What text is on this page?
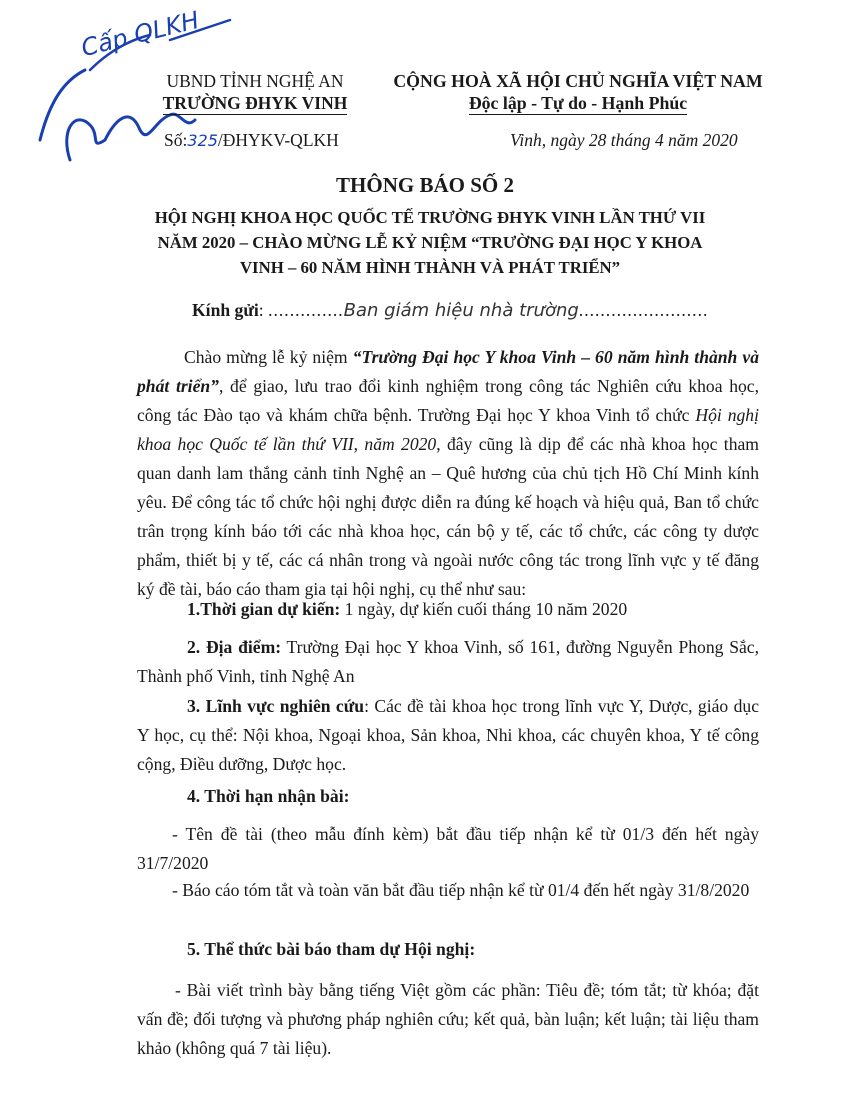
Cấp QLKH
UBND TỈNH NGHỆ AN
TRƯỜNG ĐHYK VINH
Số:325/ĐHYKV-QLKH
CỘNG HOÀ XÃ HỘI CHỦ NGHĨA VIỆT NAM
Độc lập - Tự do - Hạnh Phúc
Vinh, ngày 28 tháng 4 năm 2020
THÔNG BÁO SỐ 2
HỘI NGHỊ KHOA HỌC QUỐC TẾ TRƯỜNG ĐHYK VINH LẦN THỨ VII
NĂM 2020 – CHÀO MỪNG LỄ KỶ NIỆM “TRƯỜNG ĐẠI HỌC Y KHOA
VINH – 60 NĂM HÌNH THÀNH VÀ PHÁT TRIỂN”
Kính gửi: ..............Ban giám hiệu nhà trường........................
Chào mừng lễ kỷ niệm “Trường Đại học Y khoa Vinh – 60 năm hình thành và phát triển”, để giao, lưu trao đổi kinh nghiệm trong công tác Nghiên cứu khoa học, công tác Đào tạo và khám chữa bệnh. Trường Đại học Y khoa Vinh tổ chức Hội nghị khoa học Quốc tế lần thứ VII, năm 2020, đây cũng là dịp để các nhà khoa học tham quan danh lam thắng cảnh tỉnh Nghệ an – Quê hương của chủ tịch Hồ Chí Minh kính yêu. Để công tác tổ chức hội nghị được diễn ra đúng kế hoạch và hiệu quả, Ban tổ chức trân trọng kính báo tới các nhà khoa học, cán bộ y tế, các tổ chức, các công ty dược phẩm, thiết bị y tế, các cá nhân trong và ngoài nước công tác trong lĩnh vực y tế đăng ký đề tài, báo cáo tham gia tại hội nghị, cụ thể như sau:
1.Thời gian dự kiến: 1 ngày, dự kiến cuối tháng 10 năm 2020
2. Địa điểm: Trường Đại học Y khoa Vinh, số 161, đường Nguyễn Phong Sắc, Thành phố Vinh, tỉnh Nghệ An
3. Lĩnh vực nghiên cứu: Các đề tài khoa học trong lĩnh vực Y, Dược, giáo dục Y học, cụ thể: Nội khoa, Ngoại khoa, Sản khoa, Nhi khoa, các chuyên khoa, Y tế công cộng, Điều dưỡng, Dược học.
4. Thời hạn nhận bài:
- Tên đề tài (theo mẫu đính kèm) bắt đầu tiếp nhận kể từ 01/3 đến hết ngày 31/7/2020
- Báo cáo tóm tắt và toàn văn bắt đầu tiếp nhận kể từ 01/4 đến hết ngày 31/8/2020
5. Thể thức bài báo tham dự Hội nghị:
- Bài viết trình bày bằng tiếng Việt gồm các phần: Tiêu đề; tóm tắt; từ khóa; đặt vấn đề; đối tượng và phương pháp nghiên cứu; kết quả, bàn luận; kết luận; tài liệu tham khảo (không quá 7 tài liệu).
